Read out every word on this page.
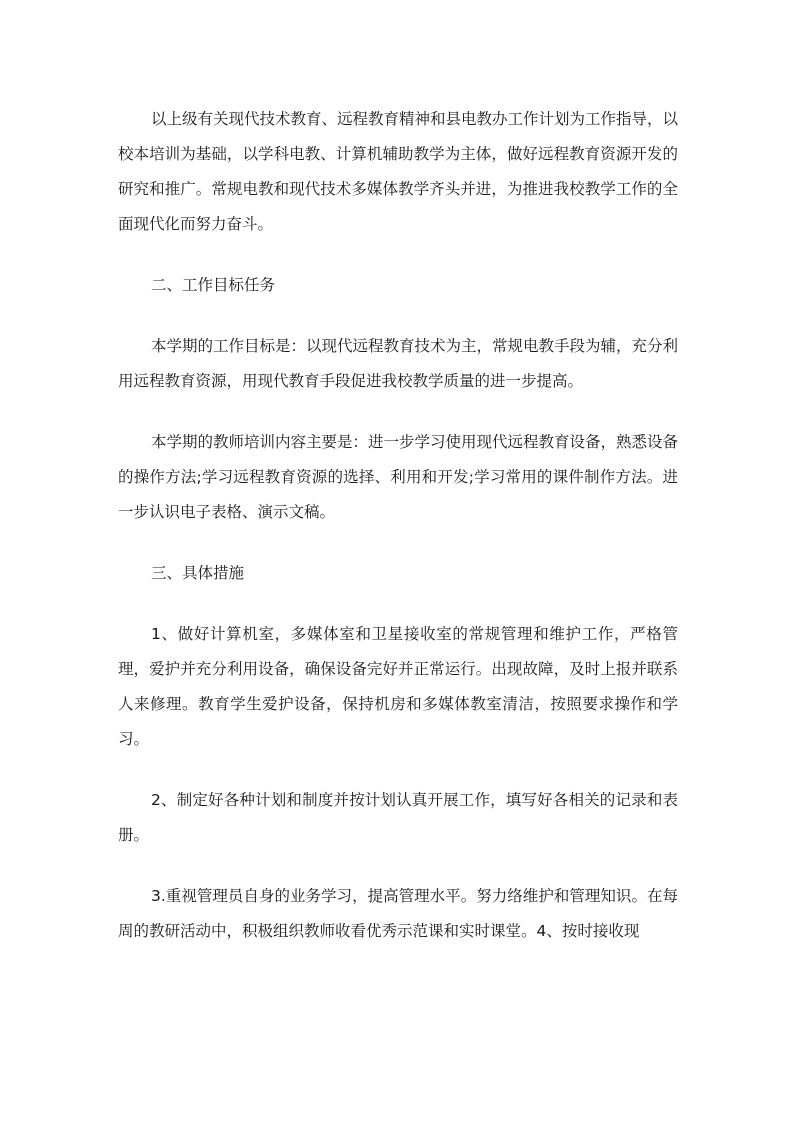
以上级有关现代技术教育、远程教育精神和县电教办工作计划为工作指导，以校本培训为基础，以学科电教、计算机辅助教学为主体，做好远程教育资源开发的研究和推广。常规电教和现代技术多媒体教学齐头并进，为推进我校教学工作的全面现代化而努力奋斗。

二、工作目标任务

本学期的工作目标是：以现代远程教育技术为主，常规电教手段为辅，充分利用远程教育资源，用现代教育手段促进我校教学质量的进一步提高。

本学期的教师培训内容主要是：进一步学习使用现代远程教育设备，熟悉设备的操作方法;学习远程教育资源的选择、利用和开发;学习常用的课件制作方法。进一步认识电子表格、演示文稿。

三、具体措施

1、做好计算机室，多媒体室和卫星接收室的常规管理和维护工作，严格管理，爱护并充分利用设备，确保设备完好并正常运行。出现故障，及时上报并联系人来修理。教育学生爱护设备，保持机房和多媒体教室清洁，按照要求操作和学习。

2、制定好各种计划和制度并按计划认真开展工作，填写好各相关的记录和表册。

3.重视管理员自身的业务学习，提高管理水平。努力络维护和管理知识。在每周的教研活动中，积极组织教师收看优秀示范课和实时课堂。4、按时接收现
